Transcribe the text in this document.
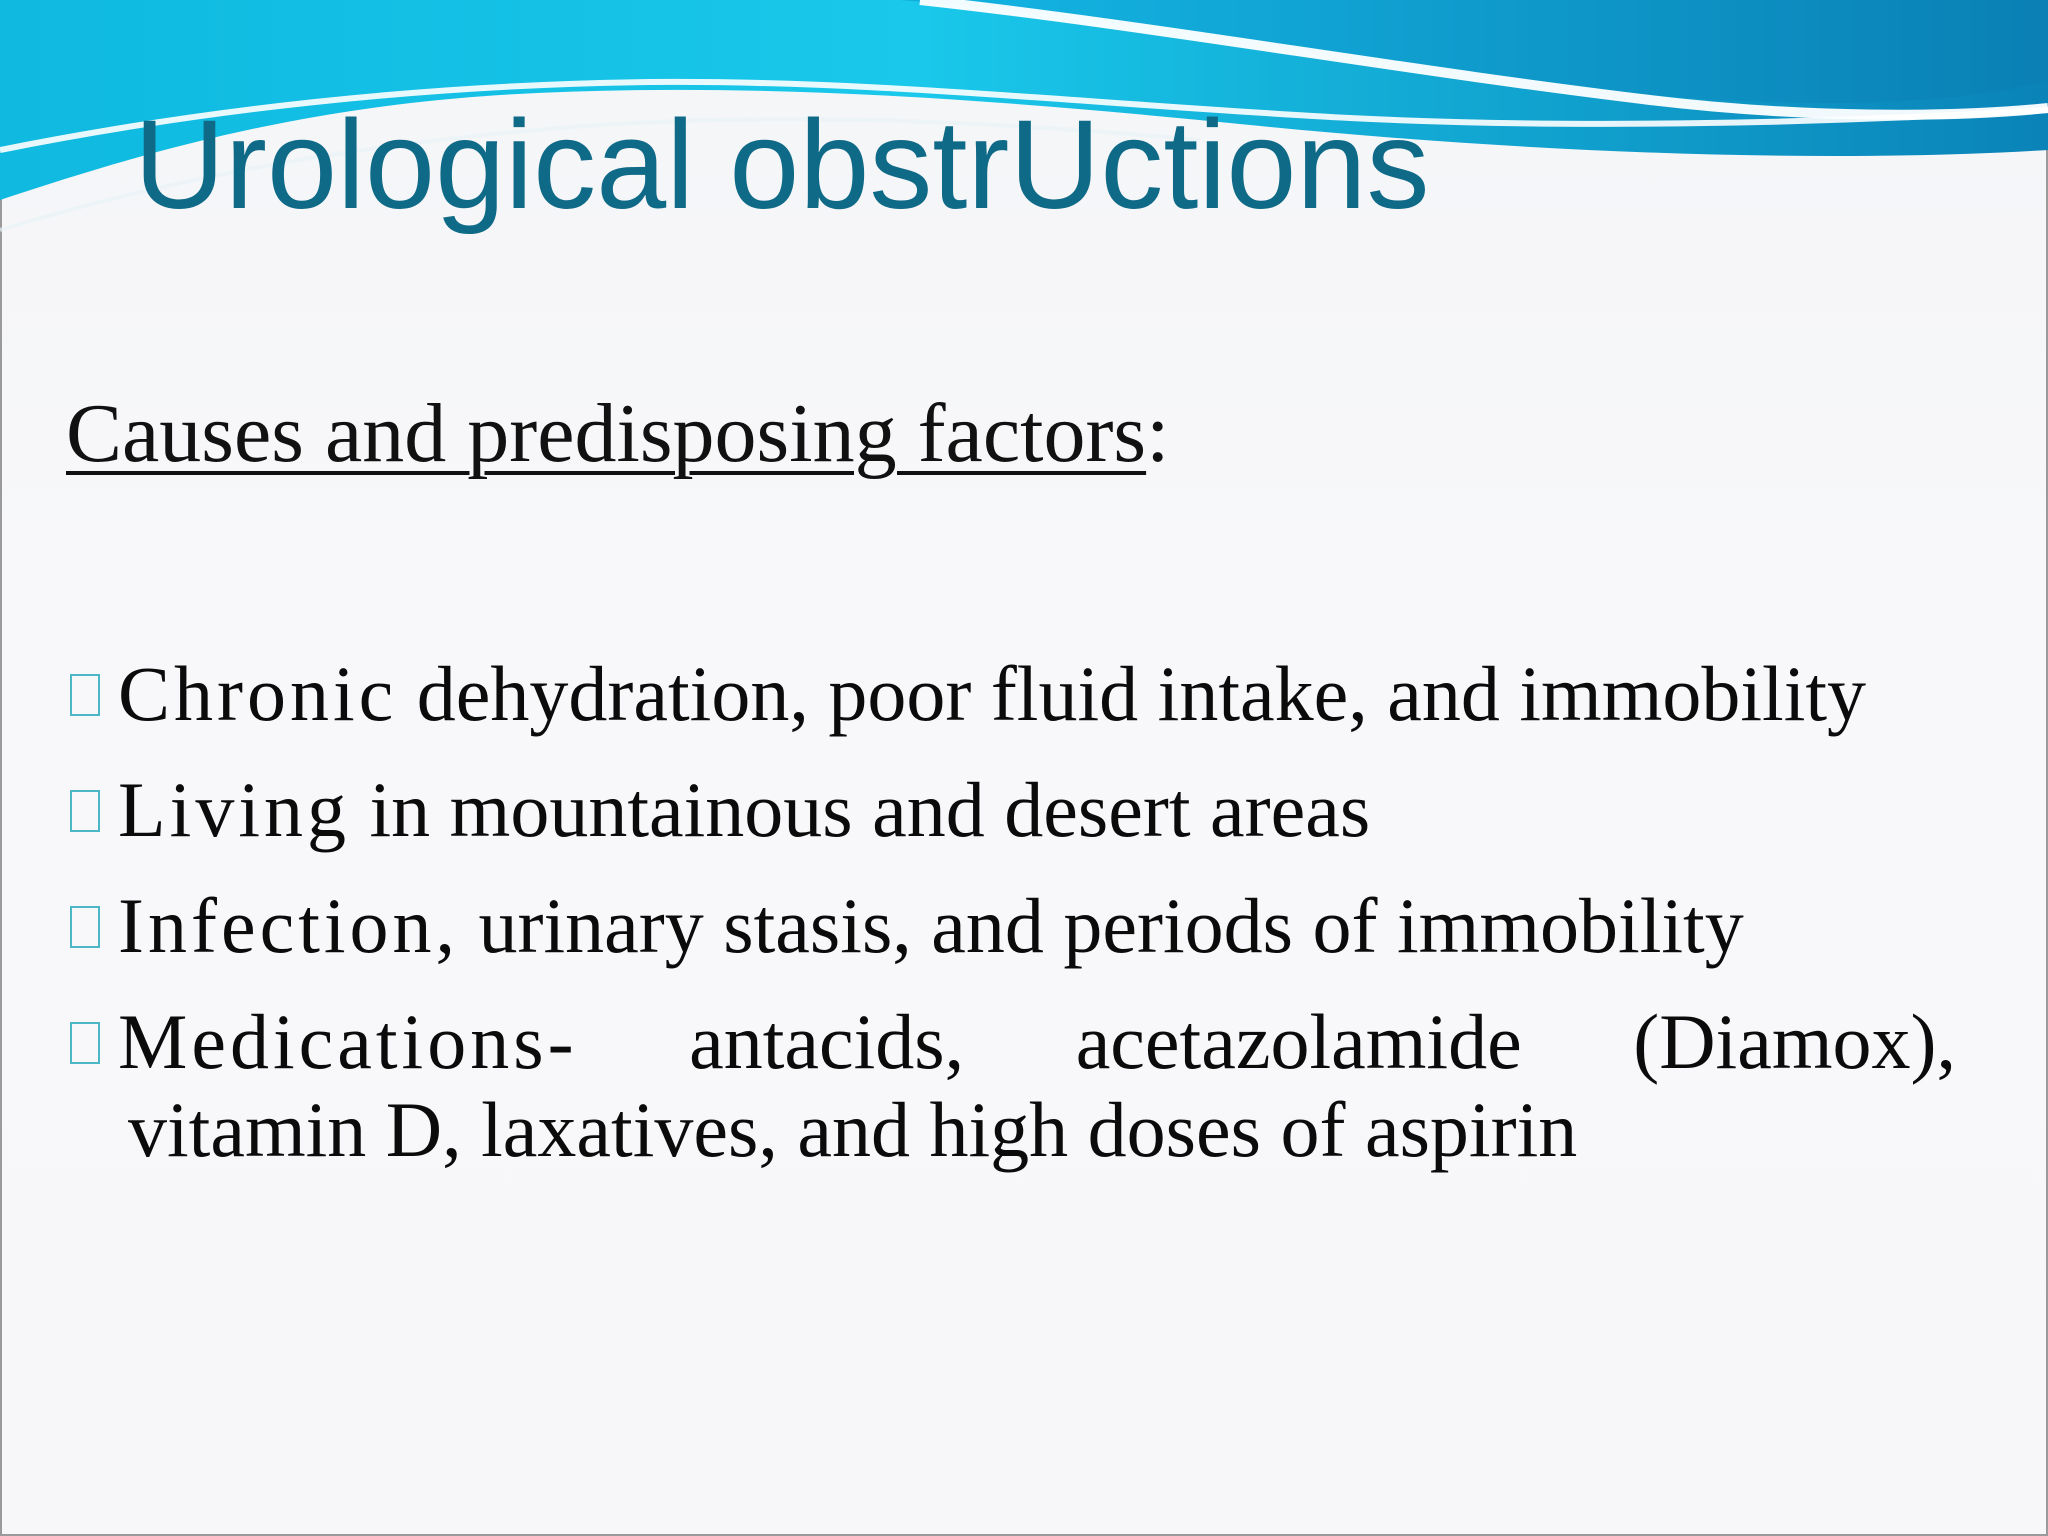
Urological obstrUctions

Causes and predisposing factors:

Chronic dehydration, poor fluid intake, and immobility
Living in mountainous and desert areas
Infection, urinary stasis, and periods of immobility
Medications- antacids, acetazolamide (Diamox),
vitamin D, laxatives, and high doses of aspirin
